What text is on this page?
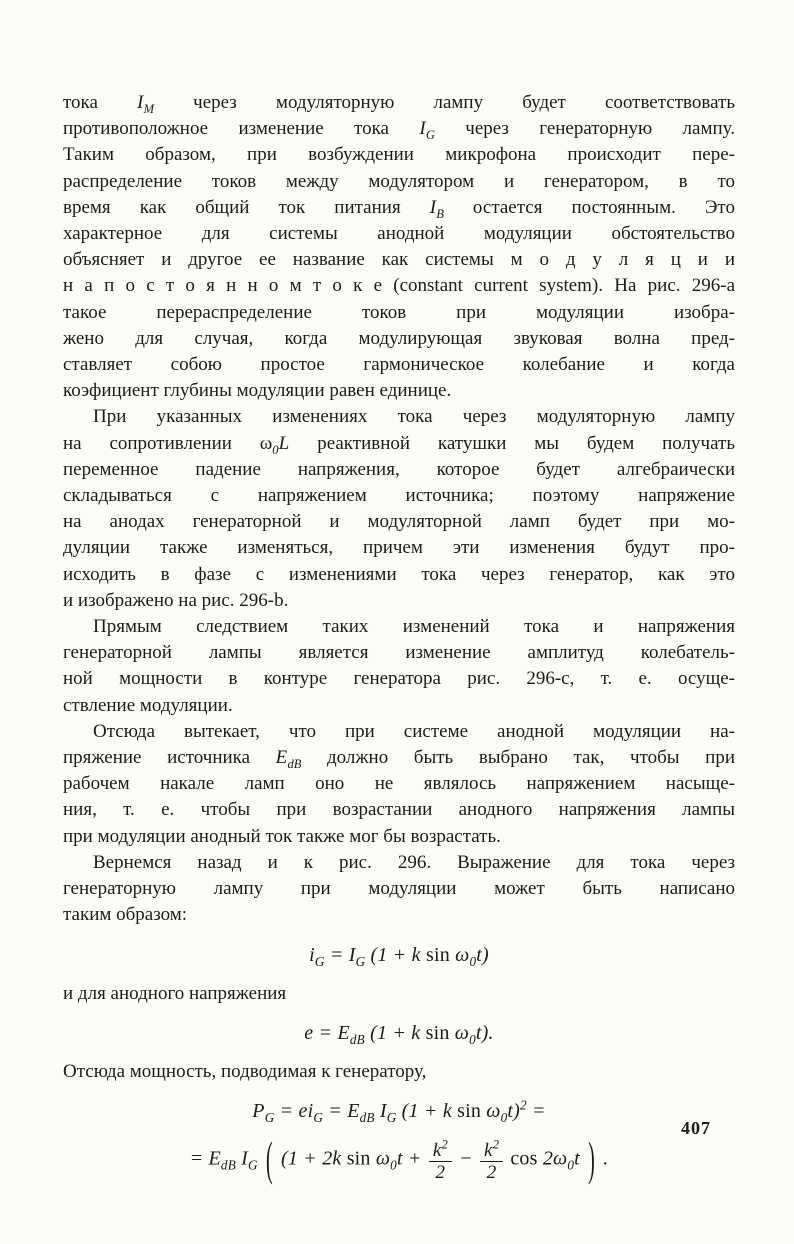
тока $I_M$ через модуляторную лампу будет соответствовать
противоположное изменение тока $I_G$ через генераторную лампу.
Таким образом, при возбуждении микрофона происходит пере-
распределение токов между модулятором и генератором, в то
время как общий ток питания $I_B$ остается постоянным. Это
характерное для системы анодной модуляции обстоятельство
объясняет и другое ее название как системы м о д у л я ц и и
н а п о с т о я н н о м т о к е (constant current system). На рис. 296-a
такое перераспределение токов при модуляции изобра-
жено для случая, когда модулирующая звуковая волна пред-
ставляет собою простое гармоническое колебание и когда
коэфициент глубины модуляции равен единице.
При указанных изменениях тока через модуляторную лампу
на сопротивлении $\omega_0L$ реактивной катушки мы будем получать
переменное падение напряжения, которое будет алгебраически
складываться с напряжением источника; поэтому напряжение
на анодах генераторной и модуляторной ламп будет при мо-
дуляции также изменяться, причем эти изменения будут про-
исходить в фазе с изменениями тока через генератор, как это
и изображено на рис. 296-b.
Прямым следствием таких изменений тока и напряжения
генераторной лампы является изменение амплитуд колебатель-
ной мощности в контуре генератора рис. 296-c, т. е. осуще-
ствление модуляции.
Отсюда вытекает, что при системе анодной модуляции на-
пряжение источника $E_{dB}$ должно быть выбрано так, чтобы при
рабочем накале ламп оно не являлось напряжением насыще-
ния, т. е. чтобы при возрастании анодного напряжения лампы
при модуляции анодный ток также мог бы возрастать.
Вернемся назад и к рис. 296. Выражение для тока через
генераторную лампу при модуляции может быть написано
таким образом:
$i_G = I_G$ (1 + k $\sin \omega_0t$)
и для анодного напряжения
$e = E_{dB}$ (1 + k $\sin \omega_0t$).
Отсюда мощность, подводимая к генератору,
$P_G = ei_G = E_{dB}$ $I_G$ (1 + k $\sin \omega_0t)^2$ =
= $E_{dB}$ $I_G$ ( (1 + 2k $\sin \omega_0t + \frac{k^2}{2} - \frac{k^2}{2}$ $\cos 2\omega_0t$ ) .
407
